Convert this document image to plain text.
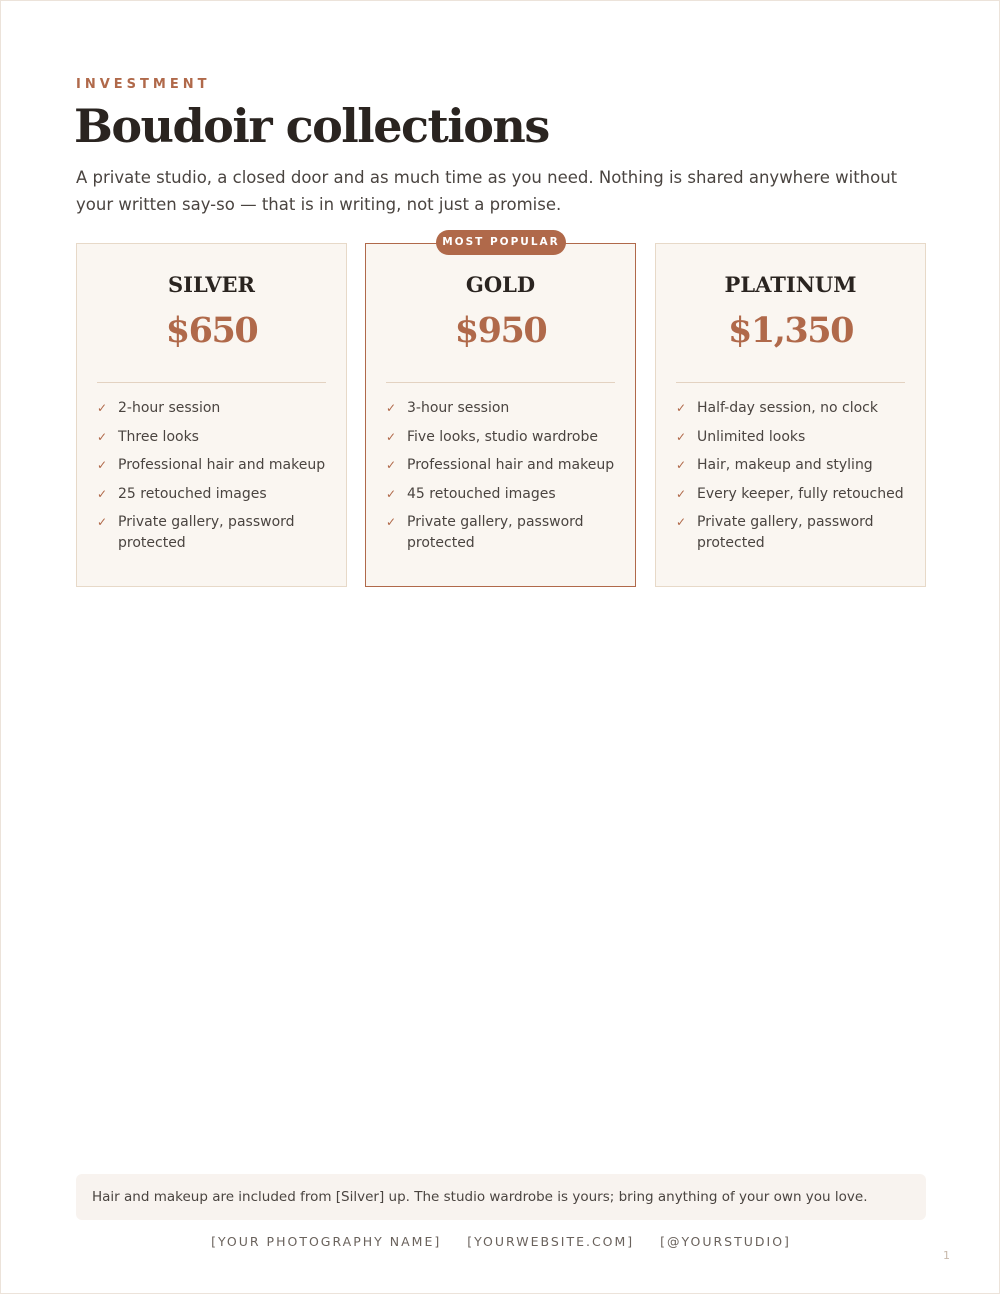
INVESTMENT
Boudoir collections

A private studio, a closed door and as much time as you need. Nothing is shared anywhere without your written say-so — that is in writing, not just a promise.

SILVER
$650
✓ 2-hour session
✓ Three looks
✓ Professional hair and makeup
✓ 25 retouched images
✓ Private gallery, password protected
MOST POPULAR
GOLD
$950
✓ 3-hour session
✓ Five looks, studio wardrobe
✓ Professional hair and makeup
✓ 45 retouched images
✓ Private gallery, password protected
PLATINUM
$1,350
✓ Half-day session, no clock
✓ Unlimited looks
✓ Hair, makeup and styling
✓ Every keeper, fully retouched
✓ Private gallery, password protected
Hair and makeup are included from [Silver] up. The studio wardrobe is yours; bring anything of your own you love.
[YOUR PHOTOGRAPHY NAME] [YOURWEBSITE.COM] [@YOURSTUDIO]
1
